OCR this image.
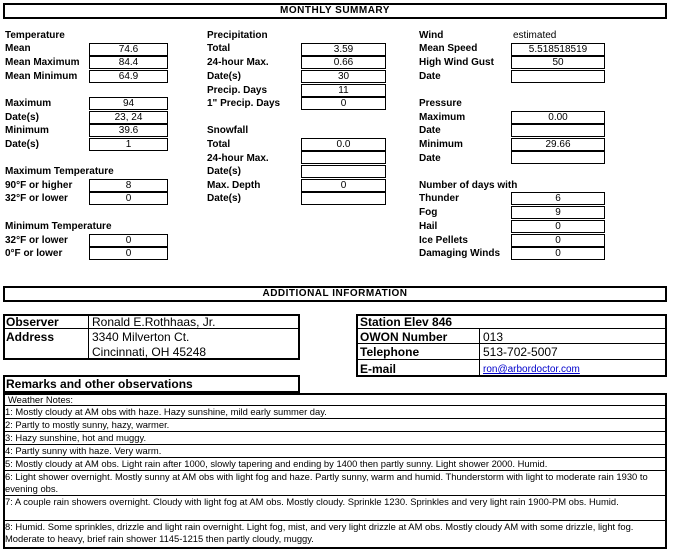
MONTHLY SUMMARY
Temperature
Mean	74.6
Mean Maximum	84.4
Mean Minimum	64.9
Maximum	94
Date(s)	23, 24
Minimum	39.6
Date(s)	1
Maximum Temperature
90°F or higher	8
32°F or lower	0
Minimum Temperature
32°F or lower	0
0°F or lower	0
Precipitation
Total	3.59
24-hour Max.	0.66
Date(s)	30
Precip. Days	11
1" Precip. Days	0
Snowfall
Total	0.0
24-hour Max.
Date(s)
Max. Depth	0
Date(s)
Wind	estimated
Mean Speed	5.518518519
High Wind Gust	50
Date
Pressure
Maximum	0.00
Date
Minimum	29.66
Date
Number of days with
Thunder	6
Fog	9
Hail	0
Ice Pellets	0
Damaging Winds	0
ADDITIONAL INFORMATION
Observer	Ronald E.Rothhaas, Jr.
Address	3340 Milverton Ct.
Cincinnati, OH 45248
Station Elev 846
OWON Number	013
Telephone	513-702-5007
E-mail	ron@arbordoctor.com
Remarks and other observations
Weather Notes:
1: Mostly cloudy at AM obs with haze. Hazy sunshine, mild early summer day.
2: Partly to mostly sunny, hazy, warmer.
3: Hazy sunshine, hot and muggy.
4: Partly sunny with haze. Very warm.
5: Mostly cloudy at AM obs. Light rain after 1000, slowly tapering and ending by 1400 then partly sunny. Light shower 2000. Humid.
6: Light shower overnight. Mostly sunny at AM obs with light fog and haze. Partly sunny, warm and humid. Thunderstorm with light to moderate rain 1930 to evening obs.
7: A couple rain showers overnight. Cloudy with light fog at AM obs. Mostly cloudy. Sprinkle 1230. Sprinkles and very light rain 1900-PM obs. Humid.
8: Humid. Some sprinkles, drizzle and light rain overnight. Light fog, mist, and very light drizzle at AM obs. Mostly cloudy AM with some drizzle, light fog. Moderate to heavy, brief rain shower 1145-1215 then partly cloudy, muggy.
